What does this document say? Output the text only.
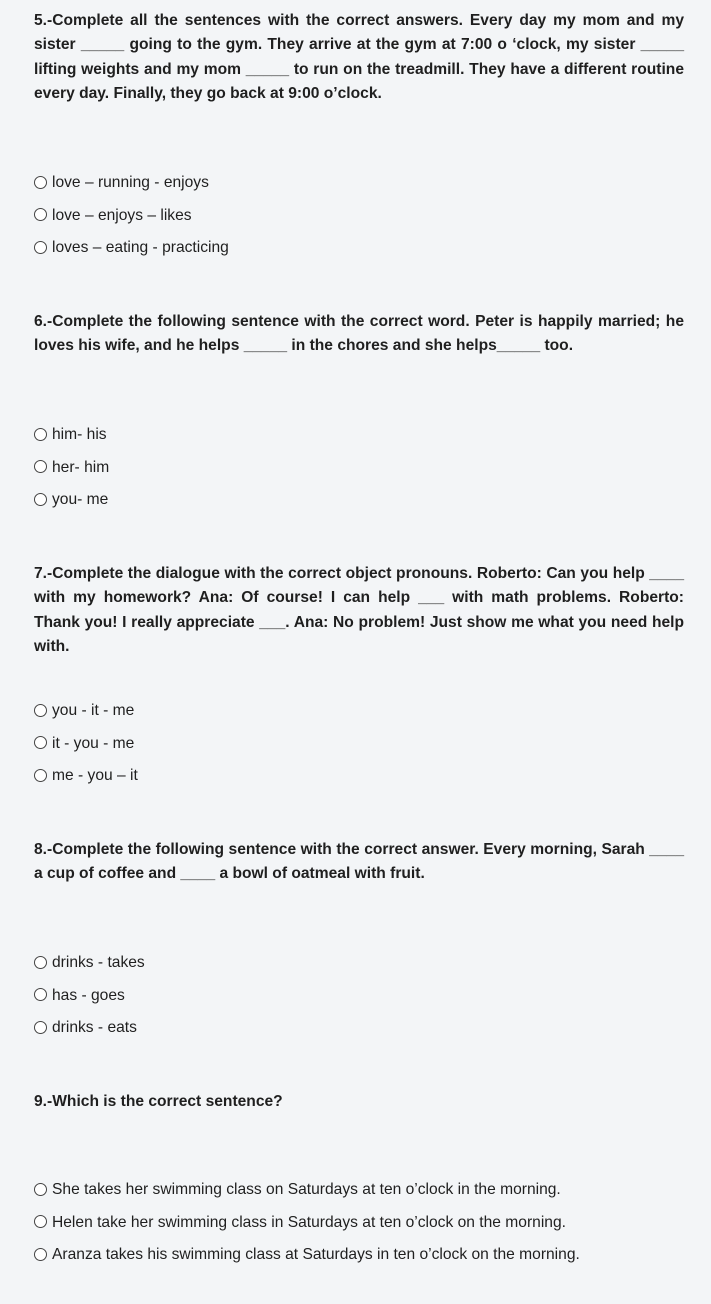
5.-Complete all the sentences with the correct answers. Every day my mom and my sister _____ going to the gym. They arrive at the gym at 7:00 o ‘clock, my sister _____ lifting weights and my mom _____ to run on the treadmill. They have a different routine every day. Finally, they go back at 9:00 o’clock.

love – running - enjoys
love – enjoys – likes
loves – eating - practicing

6.-Complete the following sentence with the correct word. Peter is happily married; he loves his wife, and he helps _____ in the chores and she helps_____ too.

him- his
her- him
you- me

7.-Complete the dialogue with the correct object pronouns. Roberto: Can you help ____ with my homework? Ana: Of course! I can help ___ with math problems. Roberto: Thank you! I really appreciate ___. Ana: No problem! Just show me what you need help with.

you - it - me
it - you - me
me - you – it

8.-Complete the following sentence with the correct answer. Every morning, Sarah ____ a cup of coffee and ____ a bowl of oatmeal with fruit.

drinks - takes
has - goes
drinks - eats

9.-Which is the correct sentence?

She takes her swimming class on Saturdays at ten o’clock in the morning.
Helen take her swimming class in Saturdays at ten o’clock on the morning.
Aranza takes his swimming class at Saturdays in ten o’clock on the morning.
